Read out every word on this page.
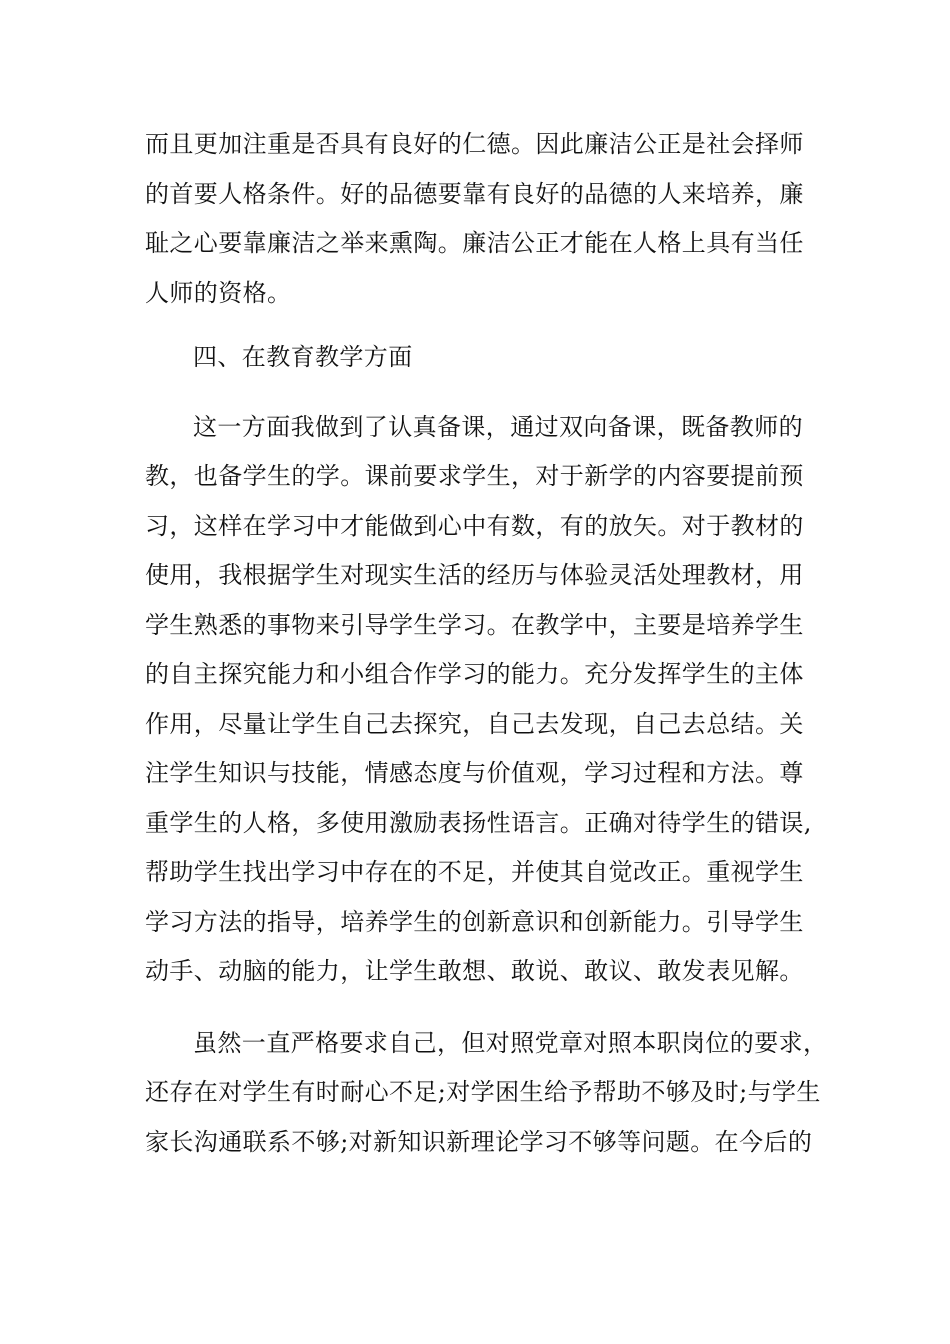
而且更加注重是否具有良好的仁德。因此廉洁公正是社会择师
的首要人格条件。好的品德要靠有良好的品德的人来培养，廉
耻之心要靠廉洁之举来熏陶。廉洁公正才能在人格上具有当任
人师的资格。

四、在教育教学方面

这一方面我做到了认真备课，通过双向备课，既备教师的
教，也备学生的学。课前要求学生，对于新学的内容要提前预
习，这样在学习中才能做到心中有数，有的放矢。对于教材的
使用，我根据学生对现实生活的经历与体验灵活处理教材，用
学生熟悉的事物来引导学生学习。在教学中，主要是培养学生
的自主探究能力和小组合作学习的能力。充分发挥学生的主体
作用，尽量让学生自己去探究，自己去发现，自己去总结。关
注学生知识与技能，情感态度与价值观，学习过程和方法。尊
重学生的人格，多使用激励表扬性语言。正确对待学生的错误,
帮助学生找出学习中存在的不足，并使其自觉改正。重视学生
学习方法的指导，培养学生的创新意识和创新能力。引导学生
动手、动脑的能力，让学生敢想、敢说、敢议、敢发表见解。

虽然一直严格要求自己，但对照党章对照本职岗位的要求，
还存在对学生有时耐心不足;对学困生给予帮助不够及时;与学生
家长沟通联系不够;对新知识新理论学习不够等问题。在今后的
